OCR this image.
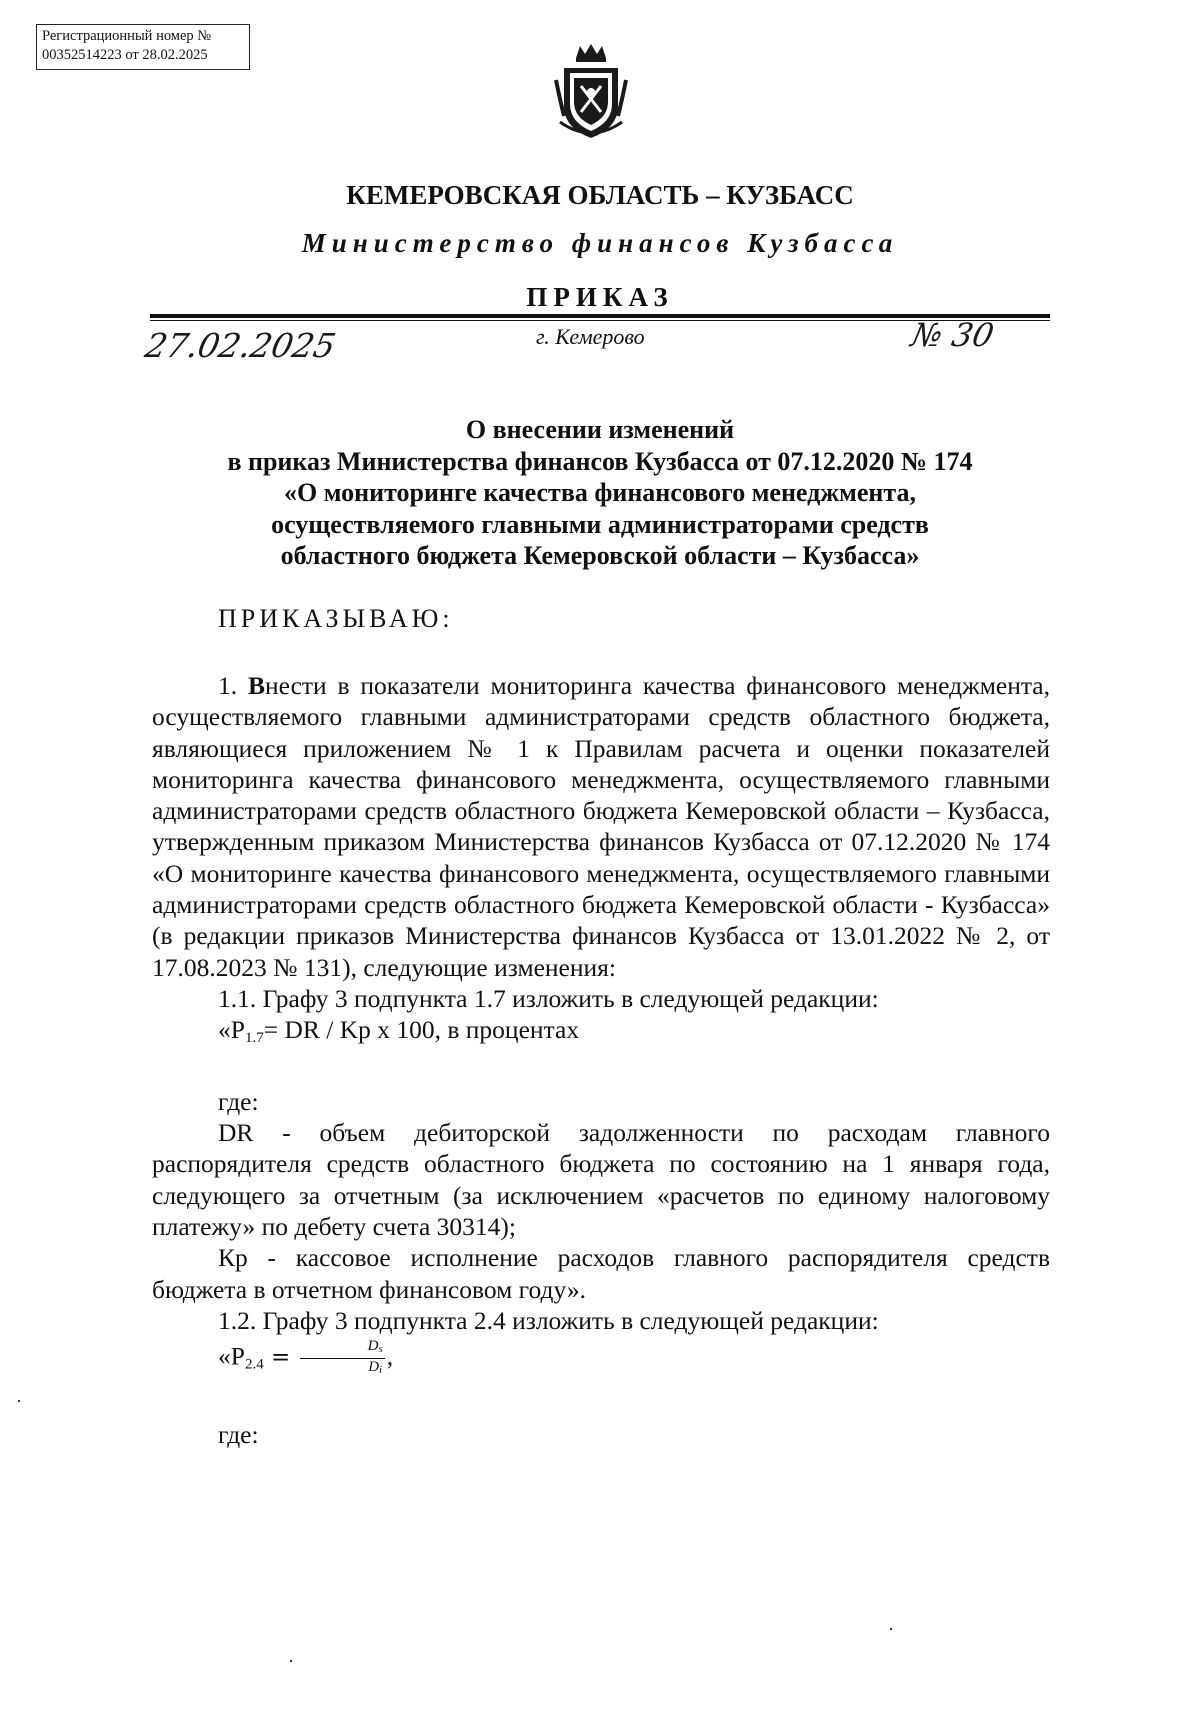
Регистрационный номер №
00352514223 от 28.02.2025
КЕМЕРОВСКАЯ ОБЛАСТЬ – КУЗБАСС
Министерство финансов Кузбасса
ПРИКАЗ
27.02.2025	г. Кемерово	№ 30
О внесении изменений
в приказ Министерства финансов Кузбасса от 07.12.2020 № 174
«О мониторинге качества финансового менеджмента,
осуществляемого главными администраторами средств
областного бюджета Кемеровской области – Кузбасса»
ПРИКАЗЫВАЮ:

1. Внести в показатели мониторинга качества финансового менеджмента, осуществляемого главными администраторами средств областного бюджета, являющиеся приложением № 1 к Правилам расчета и оценки показателей мониторинга качества финансового менеджмента, осуществляемого главными администраторами средств областного бюджета Кемеровской области – Кузбасса, утвержденным приказом Министерства финансов Кузбасса от 07.12.2020 № 174 «О мониторинге качества финансового менеджмента, осуществляемого главными администраторами средств областного бюджета Кемеровской области - Кузбасса» (в редакции приказов Министерства финансов Кузбасса от 13.01.2022 № 2, от 17.08.2023 № 131), следующие изменения:

1.1. Графу 3 подпункта 1.7 изложить в следующей редакции:

«$P_{1.7}=$ DR / Kp x 100, в процентах

где:

DR - объем дебиторской задолженности по расходам главного распорядителя средств областного бюджета по состоянию на 1 января года, следующего за отчетным (за исключением «расчетов по единому налоговому платежу» по дебету счета 30314);

Кр - кассовое исполнение расходов главного распорядителя средств бюджета в отчетном финансовом году».

1.2. Графу 3 подпункта 2.4 изложить в следующей редакции:

«$P_{2.4} = \frac{D_s}{D_i}$ ,

где:
